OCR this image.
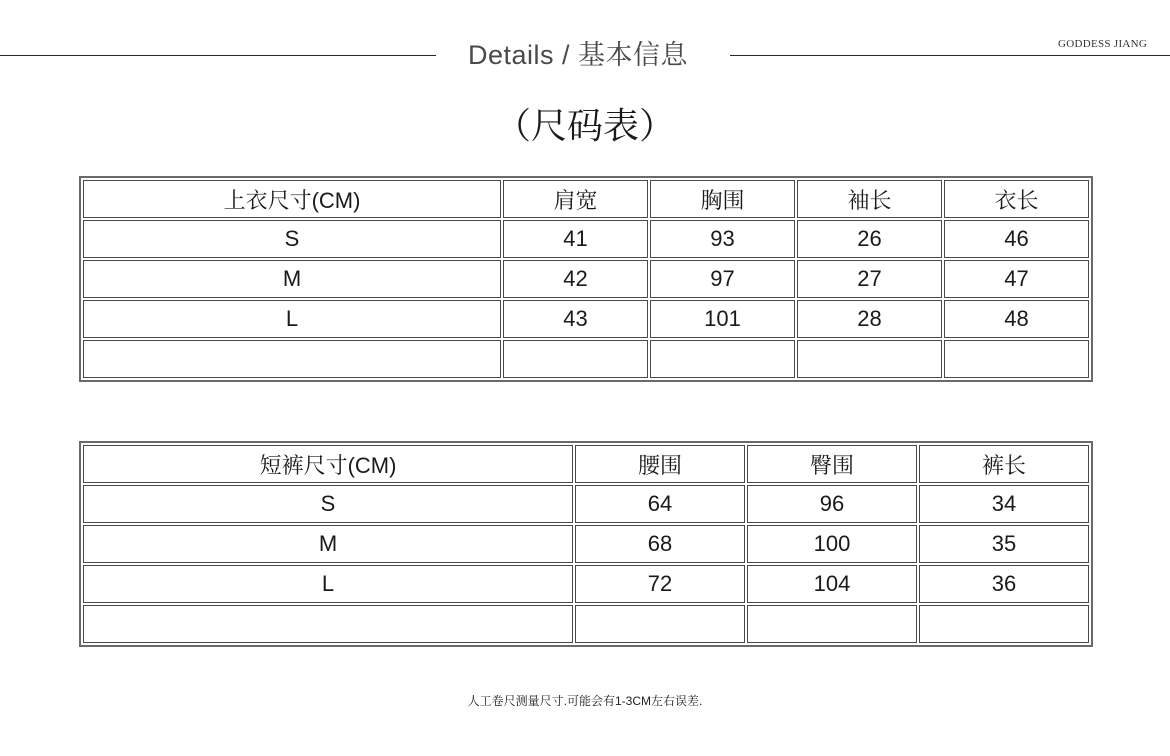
Details / 基本信息	GODDESS JIANG
（尺码表）
上衣尺寸(CM)	肩宽	胸围	袖长	衣长
S	41	93	26	46
M	42	97	27	47
L	43	101	28	48

短裤尺寸(CM)	腰围	臀围	裤长
S	64	96	34
M	68	100	35
L	72	104	36

人工卷尺测量尺寸.可能会有1-3CM左右误差.
